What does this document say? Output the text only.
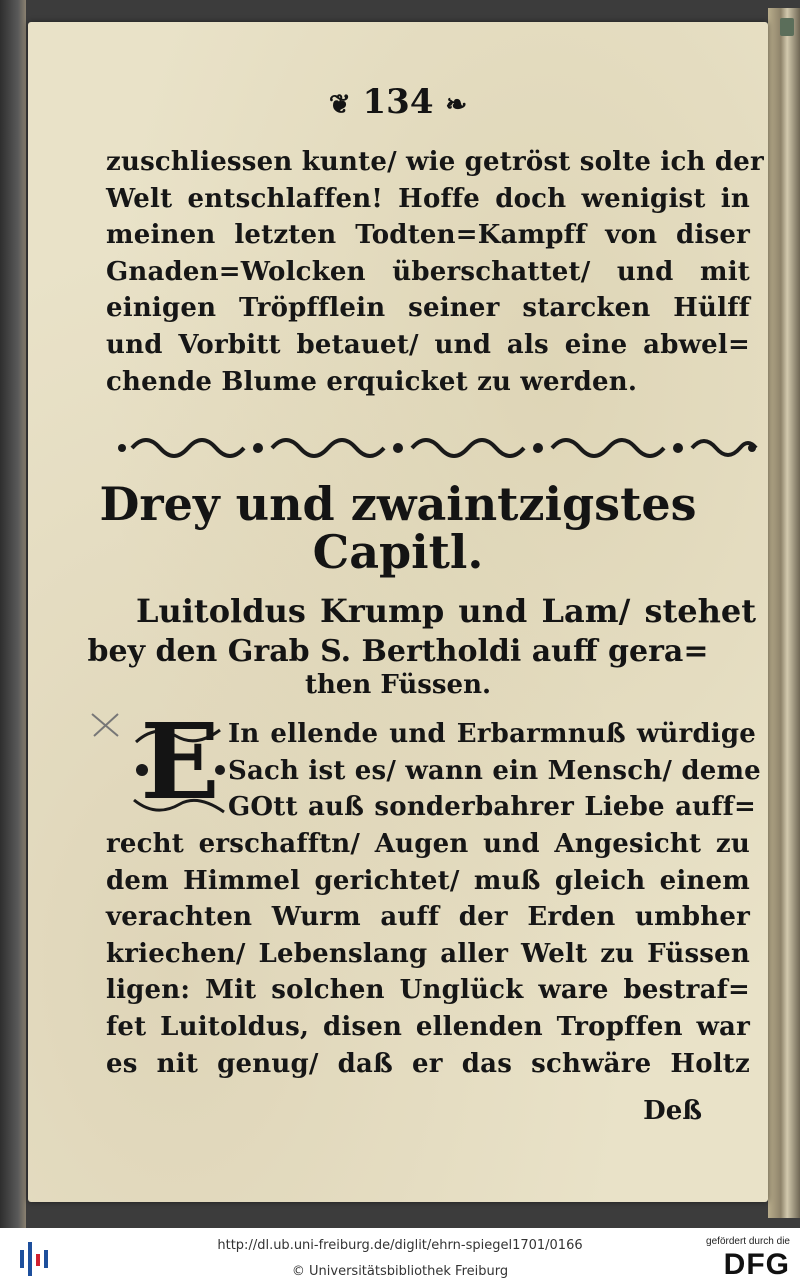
❦ 134 ❧
zuschliessen kunte/ wie getröst solte ich der
Welt entschlaffen! Hoffe doch wenigist in
meinen letzten Todten=Kampff von diser
Gnaden=Wolcken überschattet/ und mit
einigen Tröpfflein seiner starcken Hülff
und Vorbitt betauet/ und als eine abwel=
chende Blume erquicket zu werden.
Drey und zwaintzigstes
Capitl.
Luitoldus Krump und Lam/ stehet
bey den Grab S. Bertholdi auff gera=
then Füssen.
E In ellende und Erbarmnuß würdige
Sach ist es/ wann ein Mensch/ deme
GOtt auß sonderbahrer Liebe auff=
recht erschafftn/ Augen und Angesicht zu
dem Himmel gerichtet/ muß gleich einem
verachten Wurm auff der Erden umbher
kriechen/ Lebenslang aller Welt zu Füssen
ligen: Mit solchen Unglück ware bestraf=
fet Luitoldus, disen ellenden Tropffen war
es nit genug/ daß er das schwäre Holtz
Deß
http://dl.ub.uni-freiburg.de/diglit/ehrn-spiegel1701/0166
© Universitätsbibliothek Freiburg
gefördert durch die
DFG
